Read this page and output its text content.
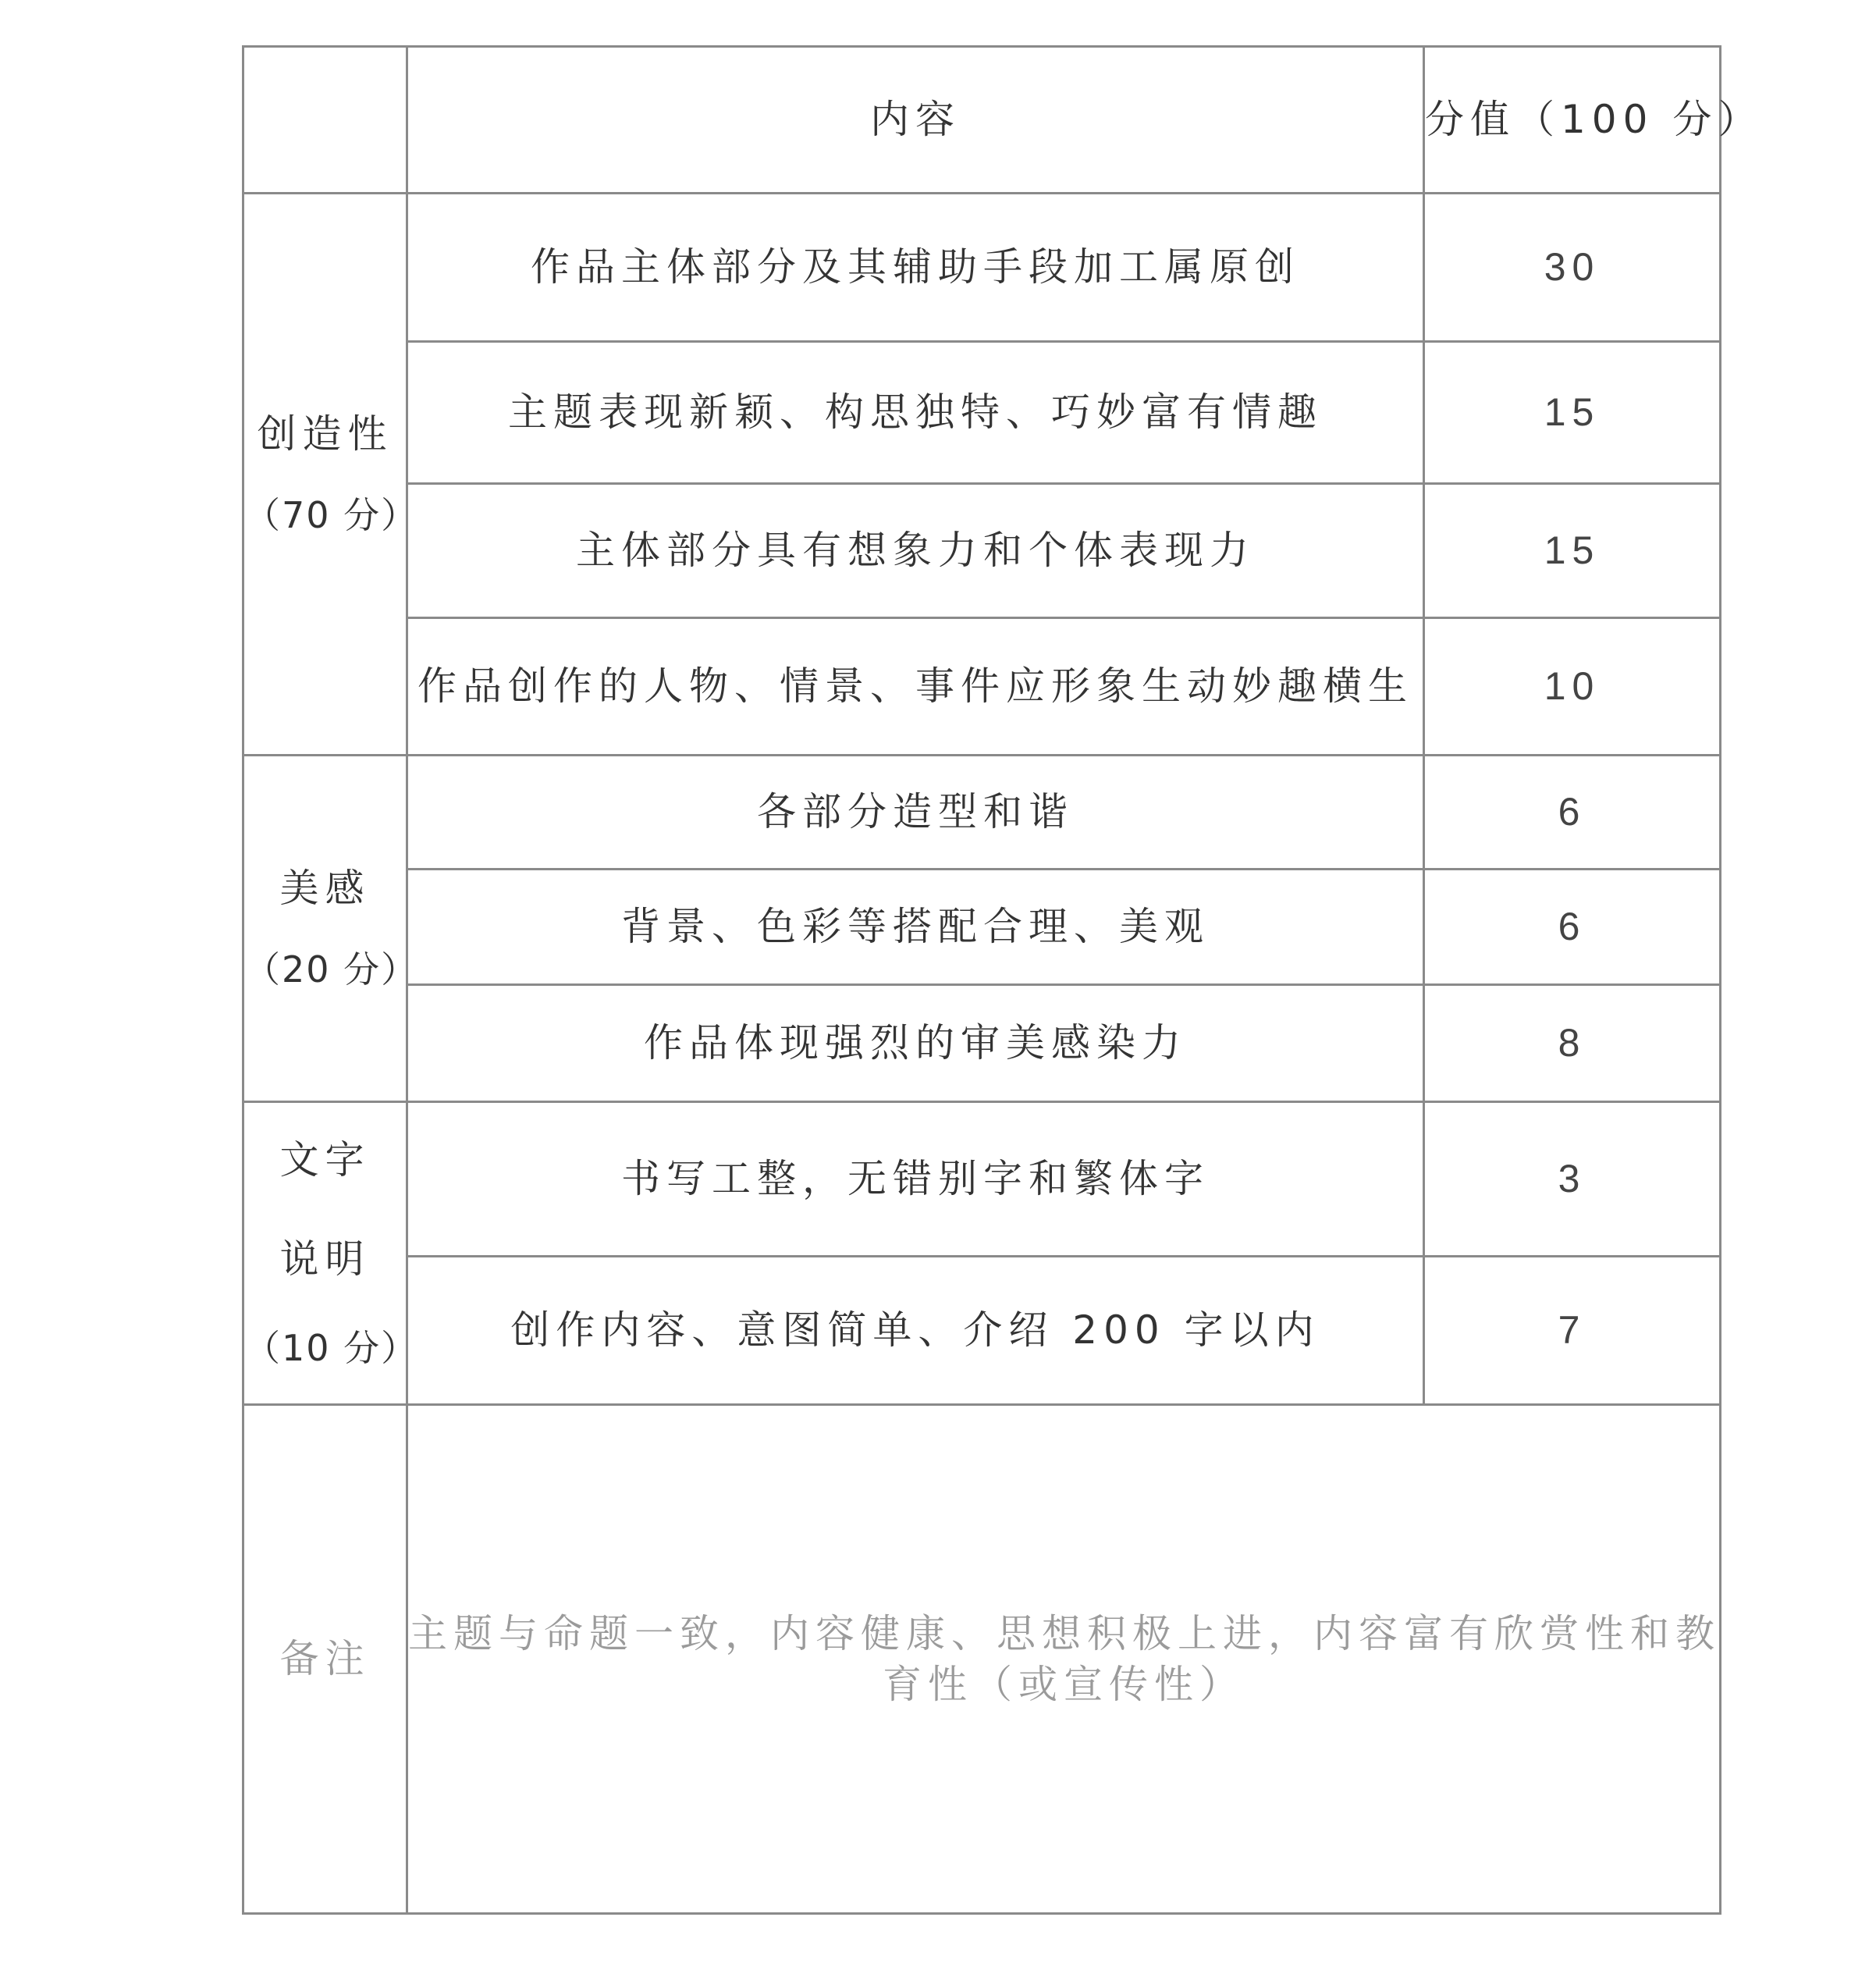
	内容	分值（100 分）

创造性
（70 分）	作品主体部分及其辅助手段加工属原创	30
	主题表现新颖、构思独特、巧妙富有情趣	15
	主体部分具有想象力和个体表现力	15
	作品创作的人物、情景、事件应形象生动妙趣横生	10

美感
（20 分）	各部分造型和谐	6
	背景、色彩等搭配合理、美观	6
	作品体现强烈的审美感染力	8

文字
说明
（10 分）	书写工整，无错别字和繁体字	3
	创作内容、意图简单、介绍 200 字以内	7
备注	主题与命题一致，内容健康、思想积极上进，内容富有欣赏性和教
育性（或宣传性）	
